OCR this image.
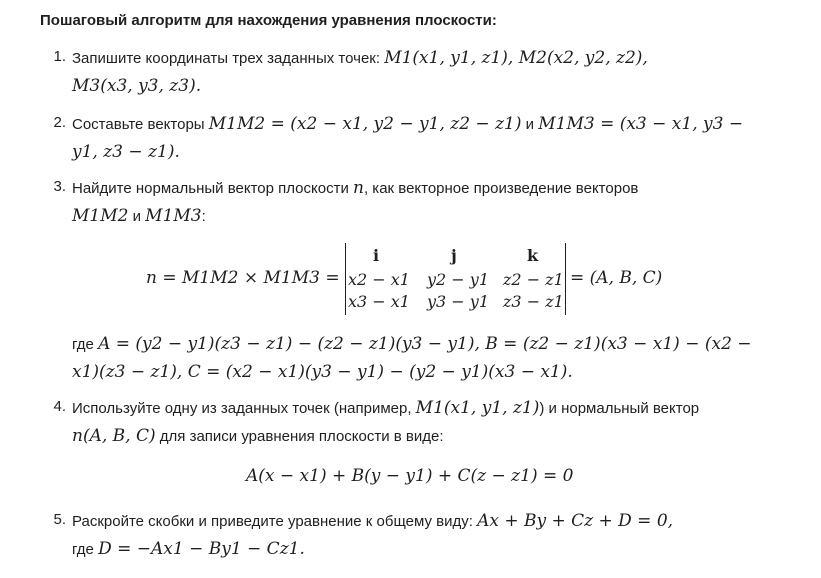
Пошаговый алгоритм для нахождения уравнения плоскости:
1. Запишите координаты трех заданных точек: M1(x1, y1, z1), M2(x2, y2, z2),
M3(x3, y3, z3).
2. Составьте векторы M1M2 = (x2 − x1, y2 − y1, z2 − z1) и M1M3 = (x3 − x1, y3 −
y1, z3 − z1).
3. Найдите нормальный вектор плоскости n, как векторное произведение векторов
M1M2 и M1M3:
n = M1M2 × M1M3 =
i	j	k
x2 − x1 y2 − y1 z2 − z1
x3 − x1 y3 − y1 z3 − z1
= (A, B, C)
где A = (y2 − y1)(z3 − z1) − (z2 − z1)(y3 − y1), B = (z2 − z1)(x3 − x1) − (x2 −
x1)(z3 − z1), C = (x2 − x1)(y3 − y1) − (y2 − y1)(x3 − x1).
4. Используйте одну из заданных точек (например, M1(x1, y1, z1)) и нормальный вектор
n(A, B, C) для записи уравнения плоскости в виде:
A(x − x1) + B(y − y1) + C(z − z1) = 0
5. Раскройте скобки и приведите уравнение к общему виду: Ax + By + Cz + D = 0,
где D = −Ax1 − By1 − Cz1.
